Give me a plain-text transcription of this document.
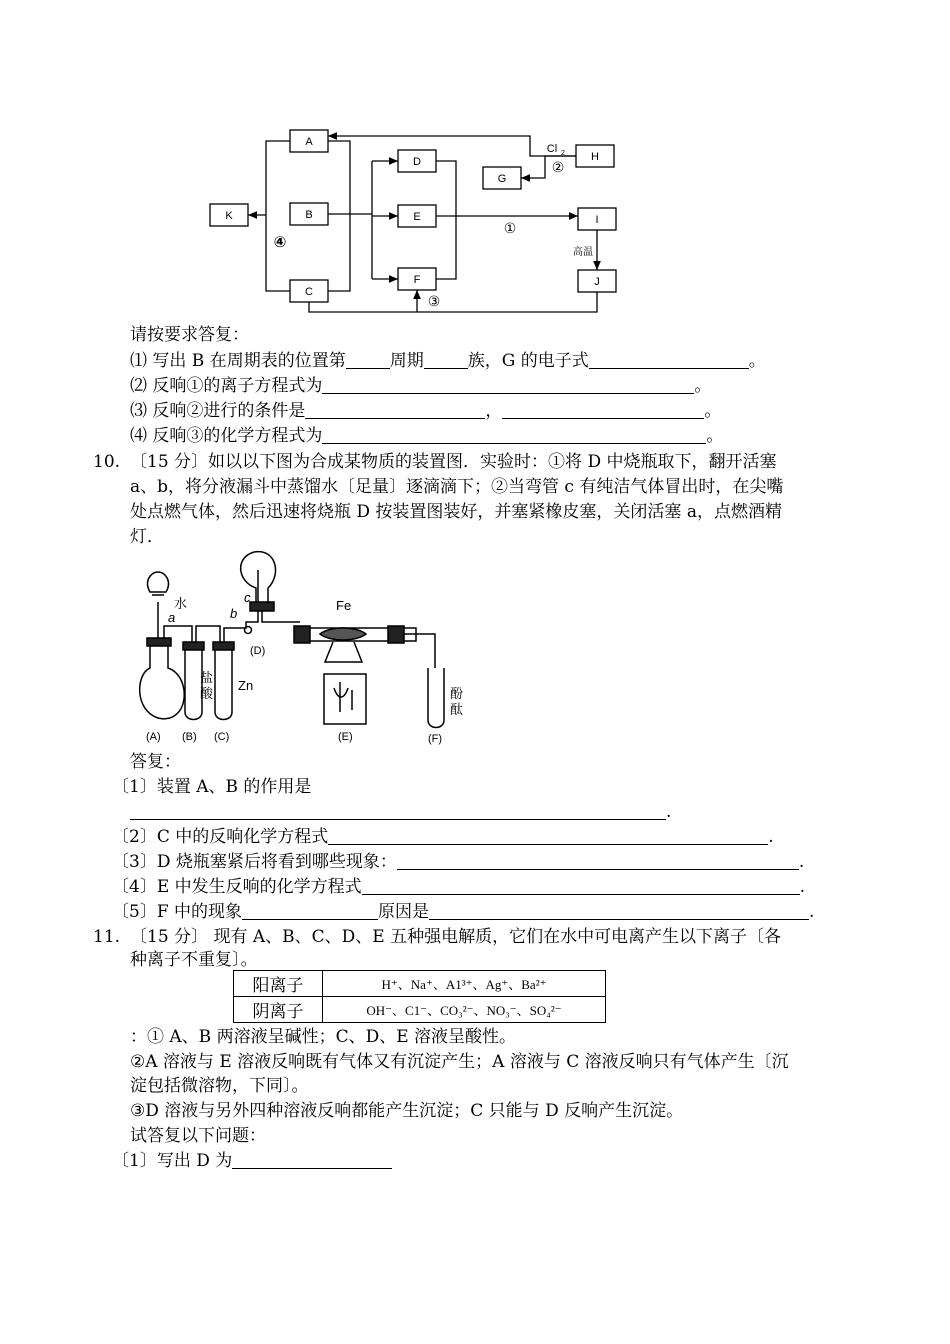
A
B
C
D
E
F
G
H
I
J
K
Cl 2
②
①
③
④
高温
请按要求答复：
⑴ 写出 B 在周期表的位置第	周期	族，G 的电子式	。
⑵ 反响①的离子方程式为	。
⑶ 反响②进行的条件是	，	。
⑷ 反响③的化学方程式为	。
10. 〔15 分〕如以以下图为合成某物质的装置图．实验时：①将 D 中烧瓶取下，翻开活塞
a、b，将分液漏斗中蒸馏水〔足量〕逐滴滴下；②当弯管 c 有纯洁气体冒出时，在尖嘴
处点燃气体，然后迅速将烧瓶 D 按装置图装好，并塞紧橡皮塞，关闭活塞 a，点燃酒精
灯．
水
a	b
c
Fe
盐
酸
Zn
酚
酞
(A) (B) (C)
(D)
(E)	(F)
答复：
〔1〕装置 A、B 的作用是
.
〔2〕C 中的反响化学方程式	.
〔3〕D 烧瓶塞紧后将看到哪些现象：	.
〔4〕E 中发生反响的化学方程式	.
〔5〕F 中的现象	原因是	.
11. 〔15 分〕 现有 A、B、C、D、E 五种强电解质，它们在水中可电离产生以下离子〔各
种离子不重复〕。
阳离子	H⁺、Na⁺、A1³⁺、Ag⁺、Ba²⁺
阴离子	OH⁻、C1⁻、CO₃²⁻、NO₃⁻、SO₄²⁻
：① A、B 两溶液呈碱性；C、D、E 溶液呈酸性。
②A 溶液与 E 溶液反响既有气体又有沉淀产生；A 溶液与 C 溶液反响只有气体产生〔沉
淀包括微溶物，下同〕。
③D 溶液与另外四种溶液反响都能产生沉淀；C 只能与 D 反响产生沉淀。
试答复以下问题：
〔1〕写出 D 为
